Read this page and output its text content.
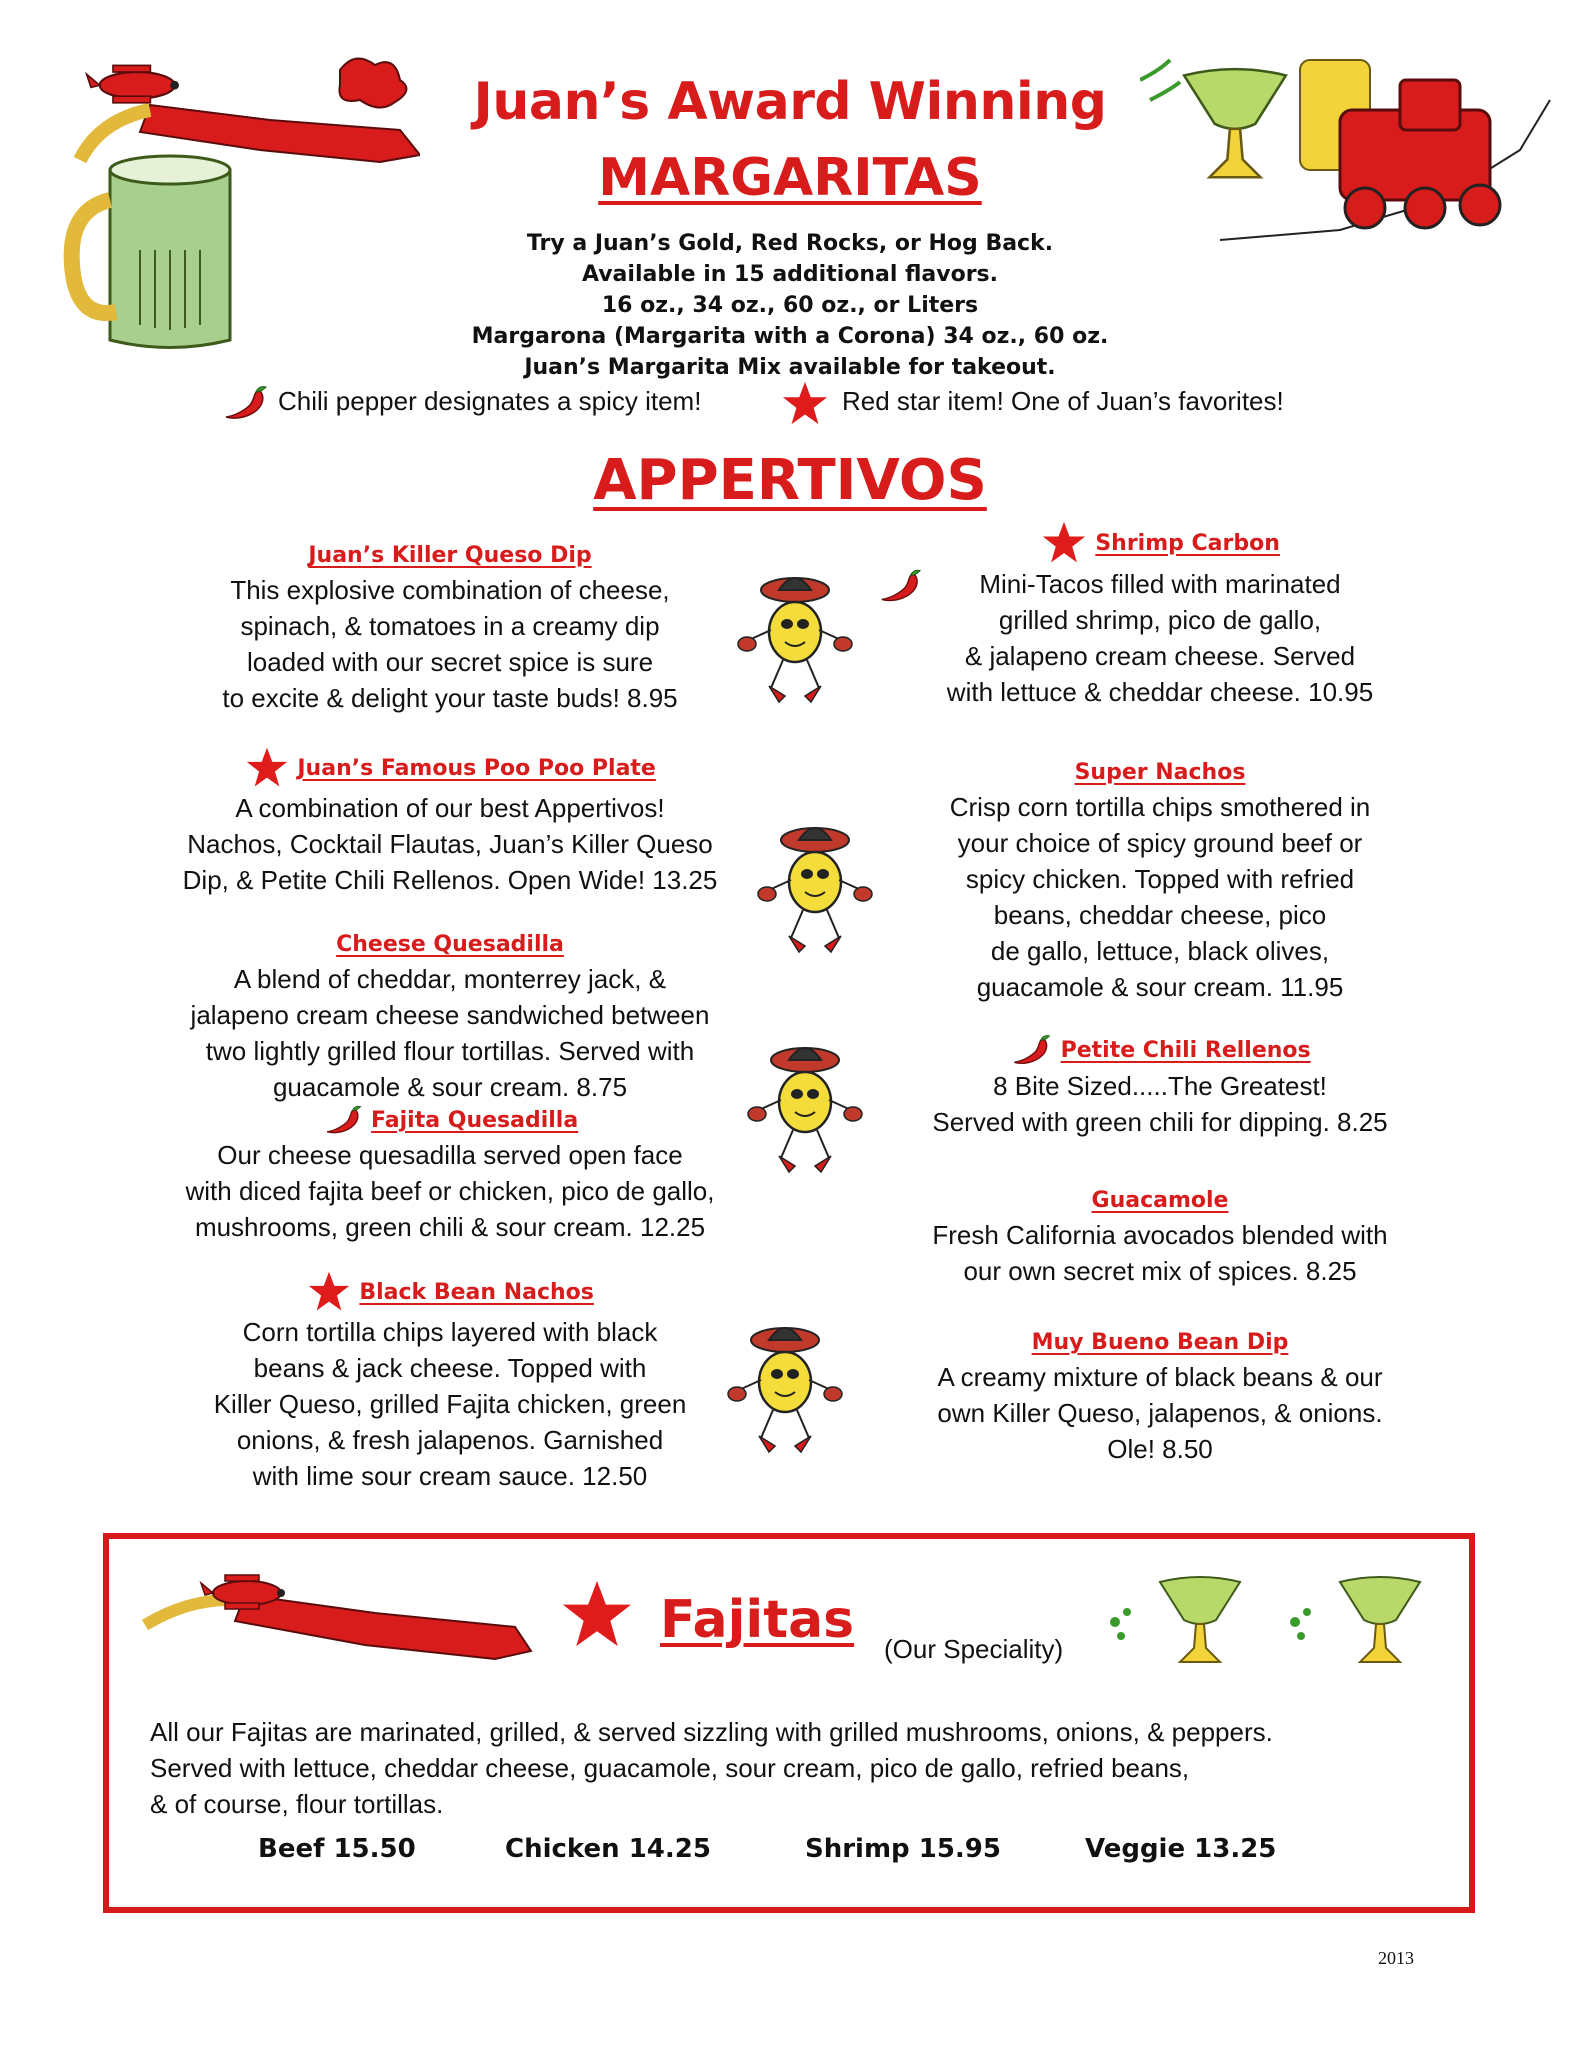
Juan’s Award Winning
MARGARITAS
Try a Juan’s Gold, Red Rocks, or Hog Back.
Available in 15 additional flavors.
16 oz., 34 oz., 60 oz., or Liters
Margarona (Margarita with a Corona) 34 oz., 60 oz.
Juan’s Margarita Mix available for takeout.
Chili pepper designates a spicy item!	Red star item! One of Juan’s favorites!
APPERTIVOS
Juan’s Killer Queso Dip
This explosive combination of cheese,
spinach, & tomatoes in a creamy dip
loaded with our secret spice is sure
to excite & delight your taste buds! 8.95
Juan’s Famous Poo Poo Plate
A combination of our best Appertivos!
Nachos, Cocktail Flautas, Juan’s Killer Queso
Dip, & Petite Chili Rellenos. Open Wide! 13.25
Cheese Quesadilla
A blend of cheddar, monterrey jack, &
jalapeno cream cheese sandwiched between
two lightly grilled flour tortillas. Served with
guacamole & sour cream. 8.75
Fajita Quesadilla
Our cheese quesadilla served open face
with diced fajita beef or chicken, pico de gallo,
mushrooms, green chili & sour cream. 12.25
Black Bean Nachos
Corn tortilla chips layered with black
beans & jack cheese. Topped with
Killer Queso, grilled Fajita chicken, green
onions, & fresh jalapenos. Garnished
with lime sour cream sauce. 12.50
Shrimp Carbon
Mini-Tacos filled with marinated
grilled shrimp, pico de gallo,
& jalapeno cream cheese. Served
with lettuce & cheddar cheese. 10.95
Super Nachos
Crisp corn tortilla chips smothered in
your choice of spicy ground beef or
spicy chicken. Topped with refried
beans, cheddar cheese, pico
de gallo, lettuce, black olives,
guacamole & sour cream. 11.95
Petite Chili Rellenos
8 Bite Sized.....The Greatest!
Served with green chili for dipping. 8.25
Guacamole
Fresh California avocados blended with
our own secret mix of spices. 8.25
Muy Bueno Bean Dip
A creamy mixture of black beans & our
own Killer Queso, jalapenos, & onions.
Ole! 8.50
Fajitas (Our Speciality)
All our Fajitas are marinated, grilled, & served sizzling with grilled mushrooms, onions, & peppers.
Served with lettuce, cheddar cheese, guacamole, sour cream, pico de gallo, refried beans,
& of course, flour tortillas.
Beef 15.50	Chicken 14.25	Shrimp 15.95	Veggie 13.25
2013
